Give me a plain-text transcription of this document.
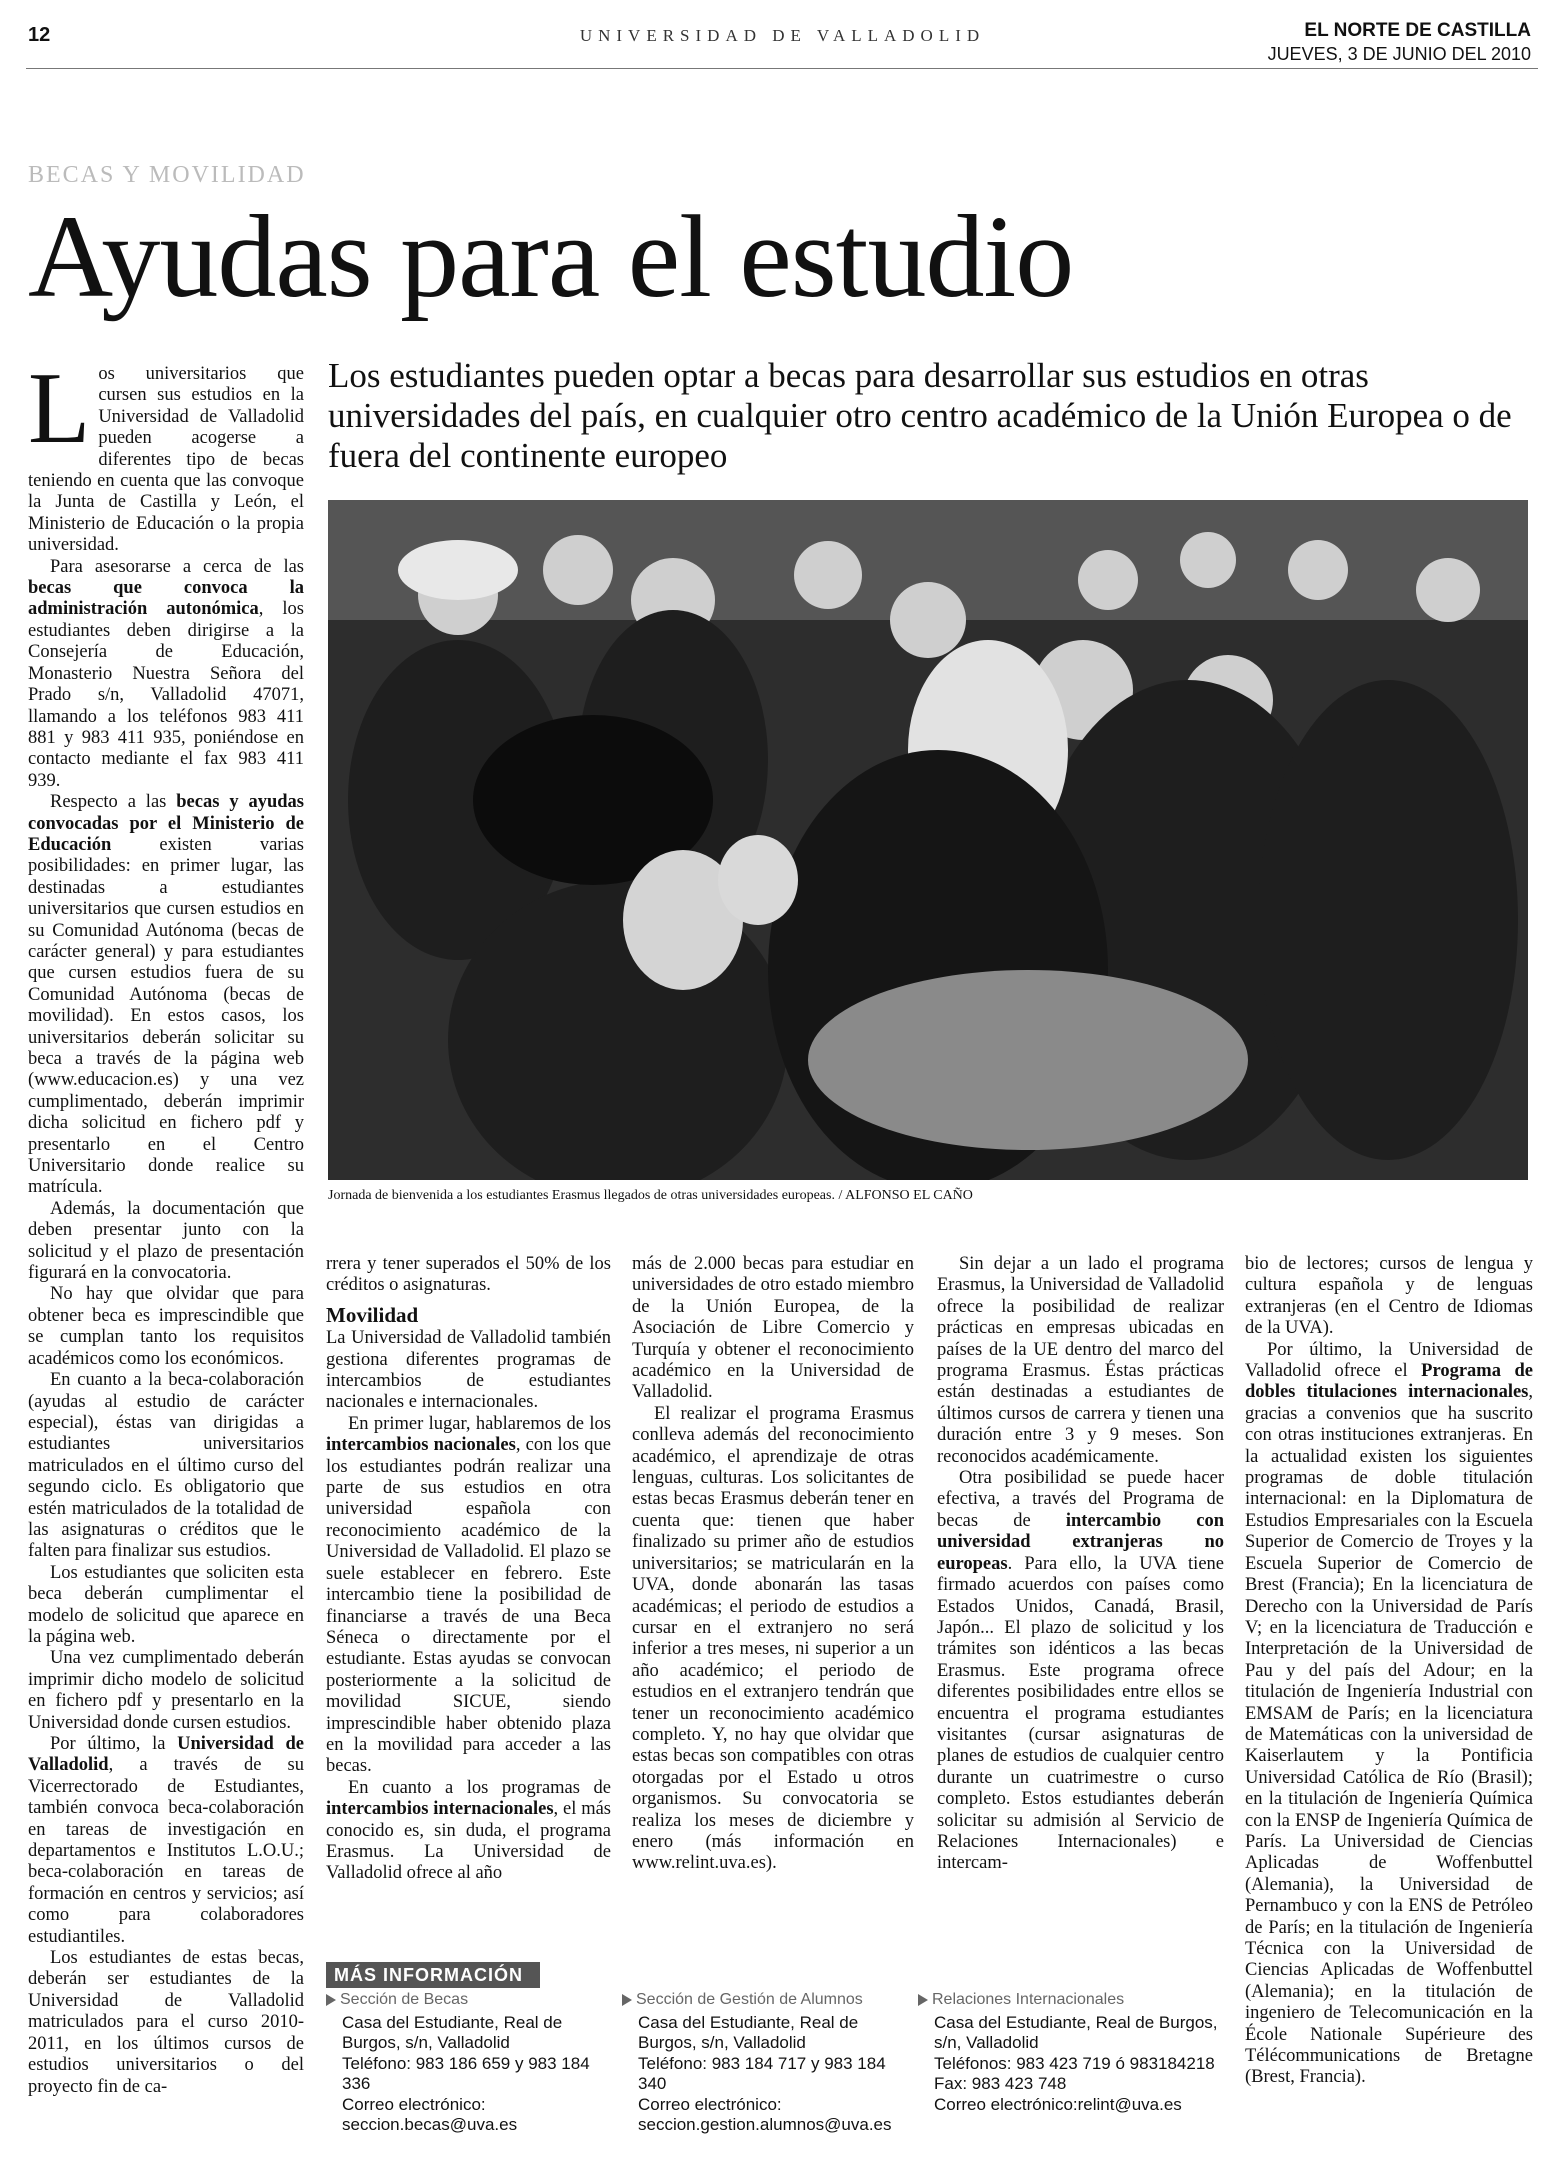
12	UNIVERSIDAD DE VALLADOLID	EL NORTE DE CASTILLA
JUEVES, 3 DE JUNIO DEL 2010
BECAS Y MOVILIDAD
Ayudas para el estudio
Los estudiantes pueden optar a becas para desarrollar sus estudios en otras universidades del país, en cualquier otro centro académico de la Unión Europea o de fuera del continente europeo
Jornada de bienvenida a los estudiantes Erasmus llegados de otras universidades europeas. / ALFONSO EL CAÑO
L os universitarios que cursen sus estudios en la Universidad de Valladolid pueden acogerse a diferentes tipo de becas teniendo en cuenta que las convoque la Junta de Castilla y León, el Ministerio de Educación o la propia universidad.

Para asesorarse a cerca de las becas que convoca la administración autonómica, los estudiantes deben dirigirse a la Consejería de Educación, Monasterio Nuestra Señora del Prado s/n, Valladolid 47071, llamando a los teléfonos 983 411 881 y 983 411 935, poniéndose en contacto mediante el fax 983 411 939.

Respecto a las becas y ayudas convocadas por el Ministerio de Educación existen varias posibilidades: en primer lugar, las destinadas a estudiantes universitarios que cursen estudios en su Comunidad Autónoma (becas de carácter general) y para estudiantes que cursen estudios fuera de su Comunidad Autónoma (becas de movilidad). En estos casos, los universitarios deberán solicitar su beca a través de la página web (www.educacion.es) y una vez cumplimentado, deberán imprimir dicha solicitud en fichero pdf y presentarlo en el Centro Universitario donde realice su matrícula.

Además, la documentación que deben presentar junto con la solicitud y el plazo de presentación figurará en la convocatoria.

No hay que olvidar que para obtener beca es imprescindible que se cumplan tanto los requisitos académicos como los económicos.

En cuanto a la beca-colaboración (ayudas al estudio de carácter especial), éstas van dirigidas a estudiantes universitarios matriculados en el último curso del segundo ciclo. Es obligatorio que estén matriculados de la totalidad de las asignaturas o créditos que le falten para finalizar sus estudios.

Los estudiantes que soliciten esta beca deberán cumplimentar el modelo de solicitud que aparece en la página web.

Una vez cumplimentado deberán imprimir dicho modelo de solicitud en fichero pdf y presentarlo en la Universidad donde cursen estudios.

Por último, la Universidad de Valladolid, a través de su Vicerrectorado de Estudiantes, también convoca beca-colaboración en tareas de investigación en departamentos e Institutos L.O.U.; beca-colaboración en tareas de formación en centros y servicios; así como para colaboradores estudiantiles.

Los estudiantes de estas becas, deberán ser estudiantes de la Universidad de Valladolid matriculados para el curso 2010-2011, en los últimos cursos de estudios universitarios o del proyecto fin de ca-

rrera y tener superados el 50% de los créditos o asignaturas.

Movilidad

La Universidad de Valladolid también gestiona diferentes programas de intercambios de estudiantes nacionales e internacionales.

En primer lugar, hablaremos de los intercambios nacionales, con los que los estudiantes podrán realizar una parte de sus estudios en otra universidad española con reconocimiento académico de la Universidad de Valladolid. El plazo se suele establecer en febrero. Este intercambio tiene la posibilidad de financiarse a través de una Beca Séneca o directamente por el estudiante. Estas ayudas se convocan posteriormente a la solicitud de movilidad SICUE, siendo imprescindible haber obtenido plaza en la movilidad para acceder a las becas.

En cuanto a los programas de intercambios internacionales, el más conocido es, sin duda, el programa Erasmus. La Universidad de Valladolid ofrece al año

más de 2.000 becas para estudiar en universidades de otro estado miembro de la Unión Europea, de la Asociación de Libre Comercio y Turquía y obtener el reconocimiento académico en la Universidad de Valladolid.

El realizar el programa Erasmus conlleva además del reconocimiento académico, el aprendizaje de otras lenguas, culturas. Los solicitantes de estas becas Erasmus deberán tener en cuenta que: tienen que haber finalizado su primer año de estudios universitarios; se matricularán en la UVA, donde abonarán las tasas académicas; el periodo de estudios a cursar en el extranjero no será inferior a tres meses, ni superior a un año académico; el periodo de estudios en el extranjero tendrán que tener un reconocimiento académico completo. Y, no hay que olvidar que estas becas son compatibles con otras otorgadas por el Estado u otros organismos. Su convocatoria se realiza los meses de diciembre y enero (más información en www.relint.uva.es).

Sin dejar a un lado el programa Erasmus, la Universidad de Valladolid ofrece la posibilidad de realizar prácticas en empresas ubicadas en países de la UE dentro del marco del programa Erasmus. Éstas prácticas están destinadas a estudiantes de últimos cursos de carrera y tienen una duración entre 3 y 9 meses. Son reconocidos académicamente.

Otra posibilidad se puede hacer efectiva, a través del Programa de becas de intercambio con universidad extranjeras no europeas. Para ello, la UVA tiene firmado acuerdos con países como Estados Unidos, Canadá, Brasil, Japón... El plazo de solicitud y los trámites son idénticos a las becas Erasmus. Este programa ofrece diferentes posibilidades entre ellos se encuentra el programa estudiantes visitantes (cursar asignaturas de planes de estudios de cualquier centro durante un cuatrimestre o curso completo. Estos estudiantes deberán solicitar su admisión al Servicio de Relaciones Internacionales) e intercam-

bio de lectores; cursos de lengua y cultura española y de lenguas extranjeras (en el Centro de Idiomas de la UVA).

Por último, la Universidad de Valladolid ofrece el Programa de dobles titulaciones internacionales, gracias a convenios que ha suscrito con otras instituciones extranjeras. En la actualidad existen los siguientes programas de doble titulación internacional: en la Diplomatura de Estudios Empresariales con la Escuela Superior de Comercio de Troyes y la Escuela Superior de Comercio de Brest (Francia); En la licenciatura de Derecho con la Universidad de París V; en la licenciatura de Traducción e Interpretación de la Universidad de Pau y del país del Adour; en la titulación de Ingeniería Industrial con EMSAM de París; en la licenciatura de Matemáticas con la universidad de Kaiserlautem y la Pontificia Universidad Católica de Río (Brasil); en la titulación de Ingeniería Química con la ENSP de Ingeniería Química de París. La Universidad de Ciencias Aplicadas de Woffenbuttel (Alemania), la Universidad de Pernambuco y con la ENS de Petróleo de París; en la titulación de Ingeniería Técnica con la Universidad de Ciencias Aplicadas de Woffenbuttel (Alemania); en la titulación de ingeniero de Telecomunicación en la École Nationale Supérieure des Télécommunications de Bretagne (Brest, Francia).

MÁS INFORMACIÓN
Sección de Becas
Casa del Estudiante, Real de Burgos, s/n, Valladolid
Teléfono: 983 186 659 y 983 184 336
Correo electrónico:
seccion.becas@uva.es
Sección de Gestión de Alumnos
Casa del Estudiante, Real de Burgos, s/n, Valladolid
Teléfono: 983 184 717 y 983 184 340
Correo electrónico: seccion.gestion.alumnos@uva.es
Relaciones Internacionales
Casa del Estudiante, Real de Burgos, s/n, Valladolid
Teléfonos: 983 423 719 ó 983184218
Fax: 983 423 748
Correo electrónico:relint@uva.es
